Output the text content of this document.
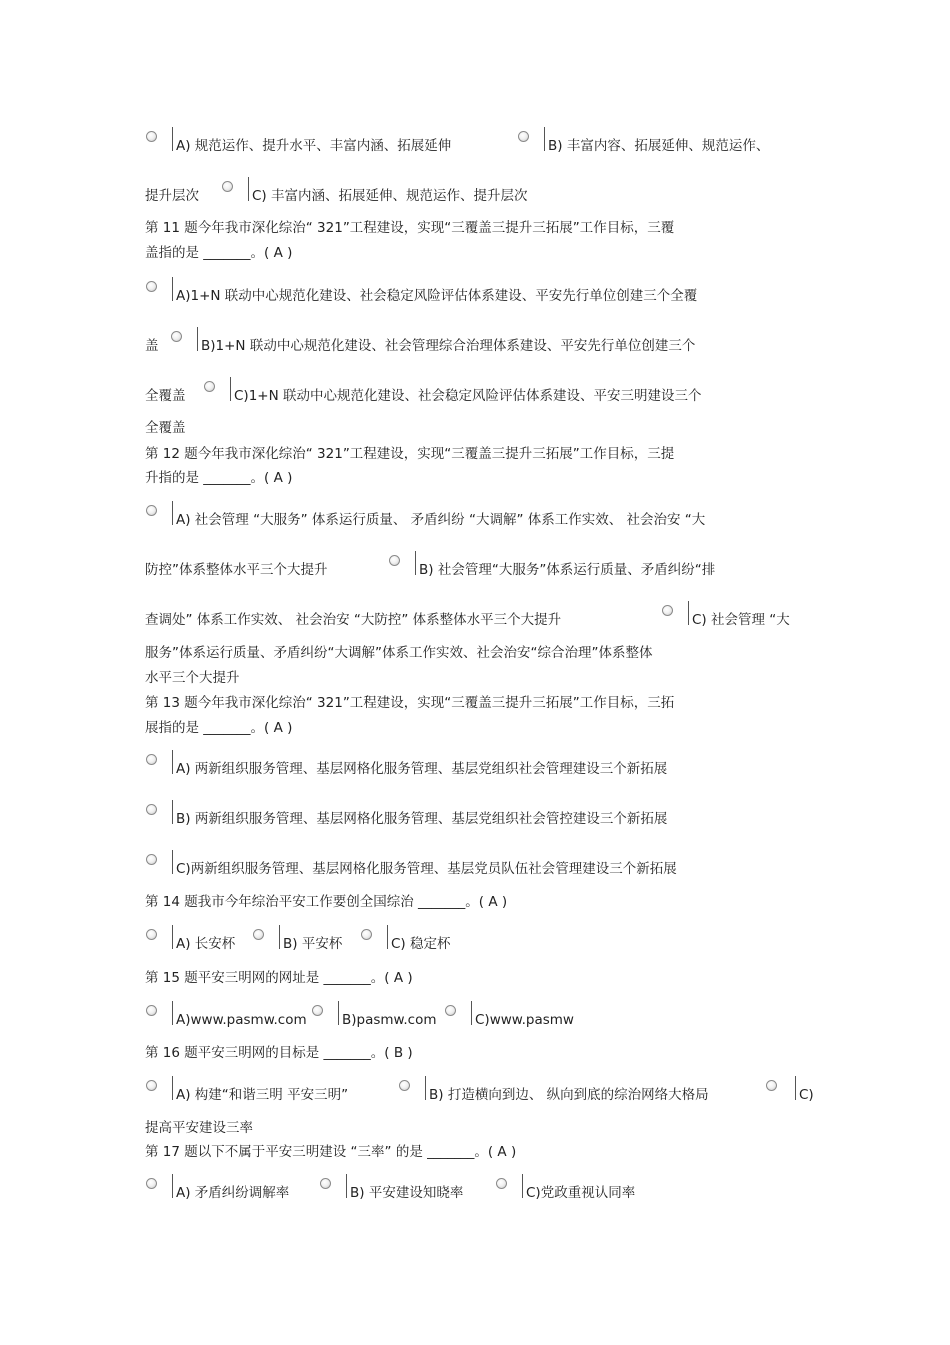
A) 规范运作、提升水平、丰富内涵、拓展延伸	B) 丰富内容、拓展延伸、规范运作、
提升层次	C) 丰富内涵、拓展延伸、规范运作、提升层次
第 11 题今年我市深化综治“ 321”工程建设，实现“三覆盖三提升三拓展”工作目标，三覆
盖指的是 _______。( A )
A)1+N 联动中心规范化建设、社会稳定风险评估体系建设、平安先行单位创建三个全覆
盖	B)1+N 联动中心规范化建设、社会管理综合治理体系建设、平安先行单位创建三个
全覆盖	C)1+N 联动中心规范化建设、社会稳定风险评估体系建设、平安三明建设三个
全覆盖
第 12 题今年我市深化综治“ 321”工程建设，实现“三覆盖三提升三拓展”工作目标，三提
升指的是 _______。( A )
A) 社会管理 “大服务” 体系运行质量、 矛盾纠纷 “大调解” 体系工作实效、 社会治安 “大
防控”体系整体水平三个大提升	B) 社会管理“大服务”体系运行质量、矛盾纠纷“排
查调处” 体系工作实效、 社会治安 “大防控” 体系整体水平三个大提升	C) 社会管理 “大
服务”体系运行质量、矛盾纠纷“大调解”体系工作实效、社会治安“综合治理”体系整体
水平三个大提升
第 13 题今年我市深化综治“ 321”工程建设，实现“三覆盖三提升三拓展”工作目标，三拓
展指的是 _______。( A )
A) 两新组织服务管理、基层网格化服务管理、基层党组织社会管理建设三个新拓展
B) 两新组织服务管理、基层网格化服务管理、基层党组织社会管控建设三个新拓展
C)两新组织服务管理、基层网格化服务管理、基层党员队伍社会管理建设三个新拓展
第 14 题我市今年综治平安工作要创全国综治 _______。( A )
A) 长安杯	B) 平安杯	C) 稳定杯
第 15 题平安三明网的网址是 _______。( A )
A)www.pasmw.com	B)pasmw.com	C)www.pasmw
第 16 题平安三明网的目标是 _______。( B )
A) 构建“和谐三明 平安三明”	B) 打造横向到边、 纵向到底的综治网络大格局	C)
提高平安建设三率
第 17 题以下不属于平安三明建设 “三率” 的是 _______。( A )
A) 矛盾纠纷调解率	B) 平安建设知晓率	C)党政重视认同率
